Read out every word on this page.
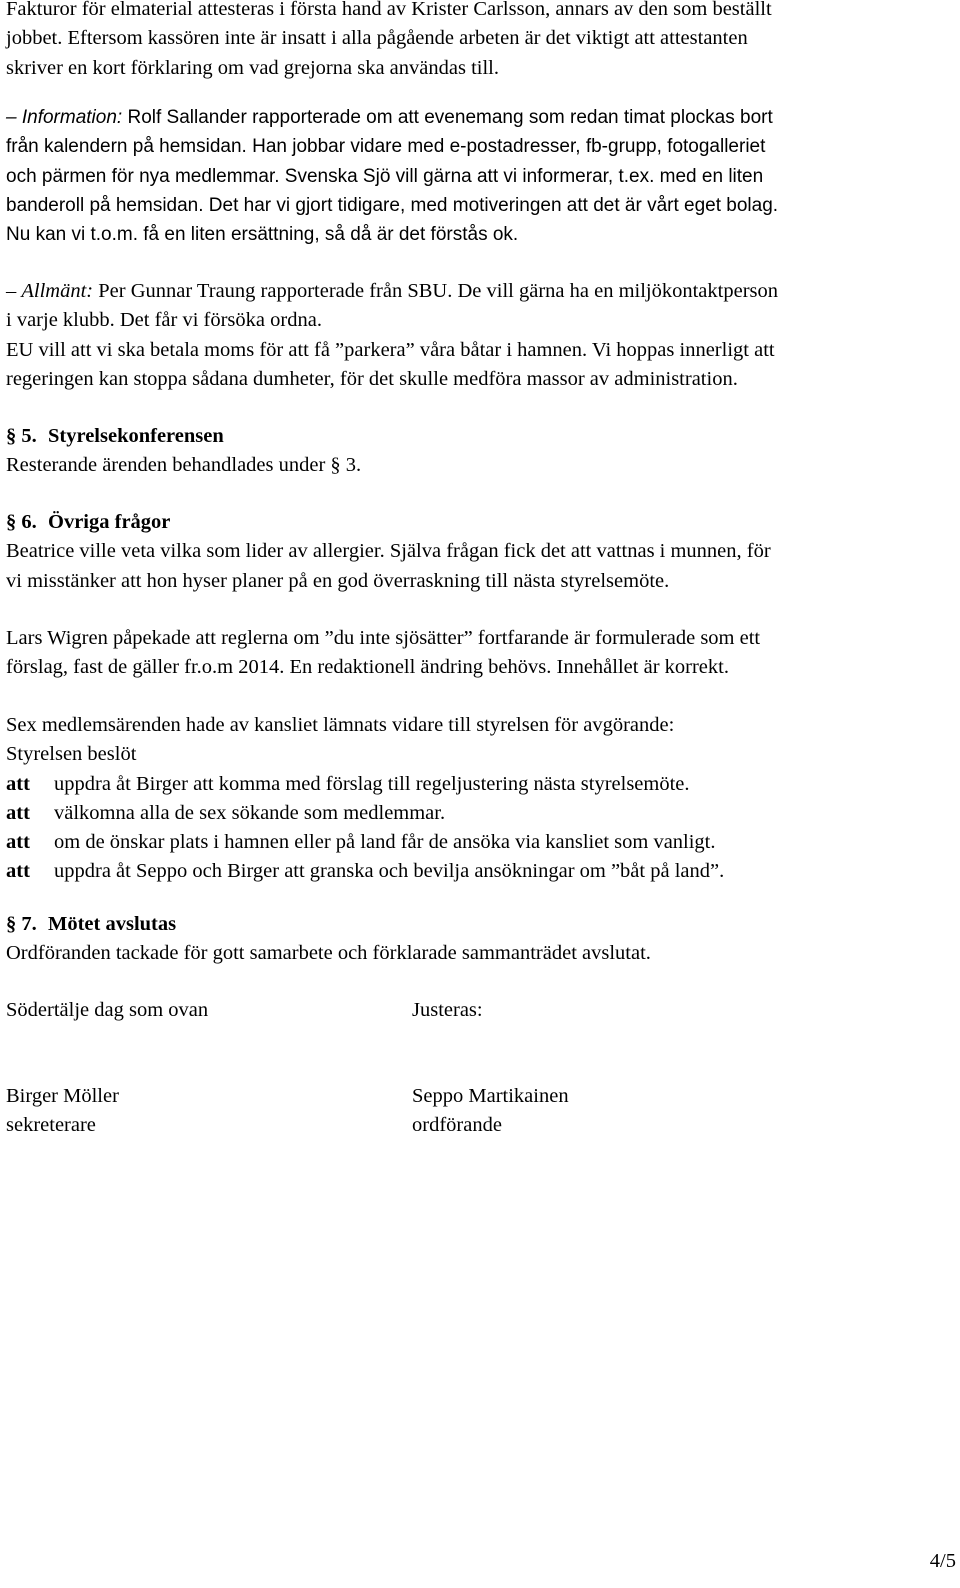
Fakturor för elmaterial attesteras i första hand av Krister Carlsson, annars av den som beställt

jobbet. Eftersom kassören inte är insatt i alla pågående arbeten är det viktigt att attestanten

skriver en kort förklaring om vad grejorna ska användas till.

– Information: Rolf Sallander rapporterade om att evenemang som redan timat plockas bort

från kalendern på hemsidan. Han jobbar vidare med e-postadresser, fb-grupp, fotogalleriet

och pärmen för nya medlemmar. Svenska Sjö vill gärna att vi informerar, t.ex. med en liten

banderoll på hemsidan. Det har vi gjort tidigare, med motiveringen att det är vårt eget bolag.

Nu kan vi t.o.m. få en liten ersättning, så då är det förstås ok.

– Allmänt: Per Gunnar Traung rapporterade från SBU. De vill gärna ha en miljökontaktperson

i varje klubb. Det får vi försöka ordna.

EU vill att vi ska betala moms för att få ”parkera” våra båtar i hamnen. Vi hoppas innerligt att

regeringen kan stoppa sådana dumheter, för det skulle medföra massor av administration.

§ 5. Styrelsekonferensen

Resterande ärenden behandlades under § 3.

§ 6. Övriga frågor

Beatrice ville veta vilka som lider av allergier. Själva frågan fick det att vattnas i munnen, för

vi misstänker att hon hyser planer på en god överraskning till nästa styrelsemöte.

Lars Wigren påpekade att reglerna om ”du inte sjösätter” fortfarande är formulerade som ett

förslag, fast de gäller fr.o.m 2014. En redaktionell ändring behövs. Innehållet är korrekt.

Sex medlemsärenden hade av kansliet lämnats vidare till styrelsen för avgörande:

Styrelsen beslöt

att uppdra åt Birger att komma med förslag till regeljustering nästa styrelsemöte.

att välkomna alla de sex sökande som medlemmar.

att om de önskar plats i hamnen eller på land får de ansöka via kansliet som vanligt.

att uppdra åt Seppo och Birger att granska och bevilja ansökningar om ”båt på land”.

§ 7. Mötet avslutas

Ordföranden tackade för gott samarbete och förklarade sammanträdet avslutat.

Södertälje dag som ovan	Justeras:
Birger Möller
sekreterare
Seppo Martikainen
ordförande
4/5
